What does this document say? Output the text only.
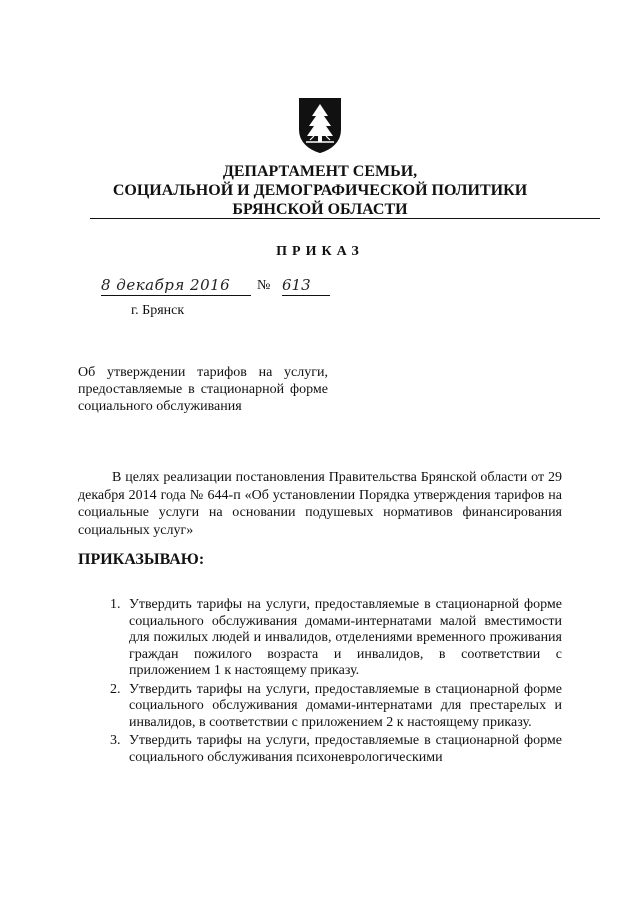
ДЕПАРТАМЕНТ СЕМЬИ,
СОЦИАЛЬНОЙ И ДЕМОГРАФИЧЕСКОЙ ПОЛИТИКИ
БРЯНСКОЙ ОБЛАСТИ
ПРИКАЗ
8 декабря 2016	№ 613
г. Брянск
Об утверждении тарифов на услуги, предоставляемые в стационарной форме социального обслуживания
В целях реализации постановления Правительства Брянской области от 29 декабря 2014 года № 644-п «Об установлении Порядка утверждения тарифов на социальные услуги на основании подушевых нормативов финансирования социальных услуг»
ПРИКАЗЫВАЮ:
1. Утвердить тарифы на услуги, предоставляемые в стационарной форме социального обслуживания домами-интернатами малой вместимости для пожилых людей и инвалидов, отделениями временного проживания граждан пожилого возраста и инвалидов, в соответствии с приложением 1 к настоящему приказу.
2. Утвердить тарифы на услуги, предоставляемые в стационарной форме социального обслуживания домами-интернатами для престарелых и инвалидов, в соответствии с приложением 2 к настоящему приказу.
3. Утвердить тарифы на услуги, предоставляемые в стационарной форме социального обслуживания психоневрологическими
